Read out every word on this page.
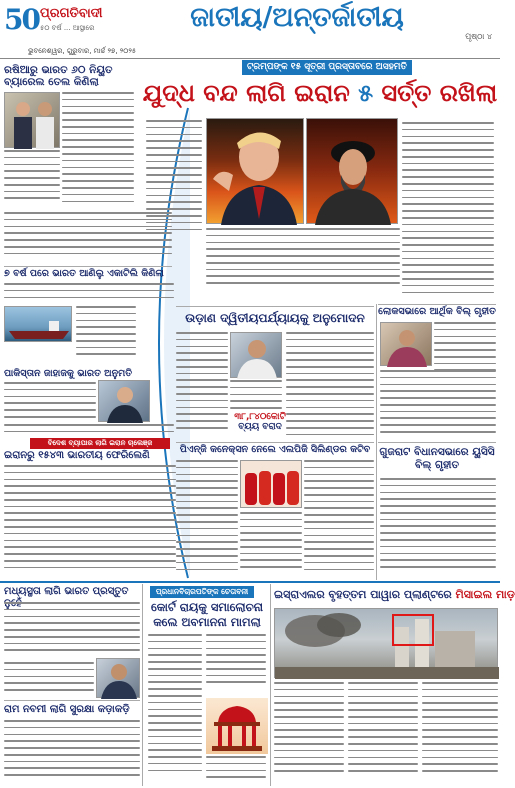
50 ପ୍ରଗତିବାଦୀ
୫୦ ବର୍ଷ ... ଆସ୍ଥାରେ	ଜାତୀୟ/ଅନ୍ତର୍ଜାତୀୟ
ପୃଷ୍ଠା ୪
ଭୁବନେଶ୍ୱର, ଗୁରୁବାର, ମାର୍ଚ୍ଚ ୨୭, ୨୦୨୫
ଟ୍ରମ୍ପଙ୍କ ୧୫ ସୂତ୍ରୀ ପ୍ରସ୍ତାବରେ ଅସହମତି
ଯୁଦ୍ଧ ବନ୍ଦ ଲାଗି ଇରାନ ୫ ସର୍ତ୍ତ ରଖିଲା
ରଷିଆରୁ ଭାରତ ୬୦ ନିୟୁତ ବ୍ୟାରେଲ ତେଲ କିଣିଲା
୭ ବର୍ଷ ପରେ ଭାରତ ଆଣିଲୁ ଏକାଟିଲି କିଣିଲା
ପାକିସ୍ତାନ ଜାହାଜକୁ ଭାରତ ଅନୁମତି
ବିଦେଶ ବ୍ୟାପାର ଲାଗି ଇରାନ ଚାଲେଞ୍ଜ
ଇରାନରୁ ୧୫୪୩ ଭାରତୀୟ ଫେରିଲେଣି
ଉଡ଼ାଣ ଦ୍ୱିତୀୟପର୍ଯ୍ୟାୟକୁ ଅନୁମୋଦନ
୩୮,୮୪୦କୋଟି
ବ୍ୟୟ ବରାଦ
ପିଏନ୍‌ଜି କନେକ୍ସନ ନେଲେ ଏଲପିଜି ସିଲିଣ୍ଡର କଟିବ
ଲୋକସଭାରେ ଆର୍ଥିକ ବିଲ୍ ଗୃହୀତ
ଗୁଜରାଟ ବିଧାନସଭାରେ ୟୁସିସି ବିଲ୍ ଗୃହୀତ
ମଧ୍ୟସ୍ଥତା ଲାଗି ଭାରତ ପ୍ରସ୍ତୁତ
ରାମ ନବମୀ ଲାଗି ସୁରକ୍ଷା କଡ଼ାକଡ଼ି
ପ୍ରଧାନବିଚାରପତିଙ୍କ ଚେତାବନୀ
କୋର୍ଟ ରାୟକୁ ସମାଲୋଚନା କଲେ ଅବମାନନା ମାମଲା
ଇସ୍ରାଏଲର ବୃହତ୍ତମ ପାୱାର ପ୍ଲାଣ୍ଟରେ ମିସାଇଲ ମାଡ଼
